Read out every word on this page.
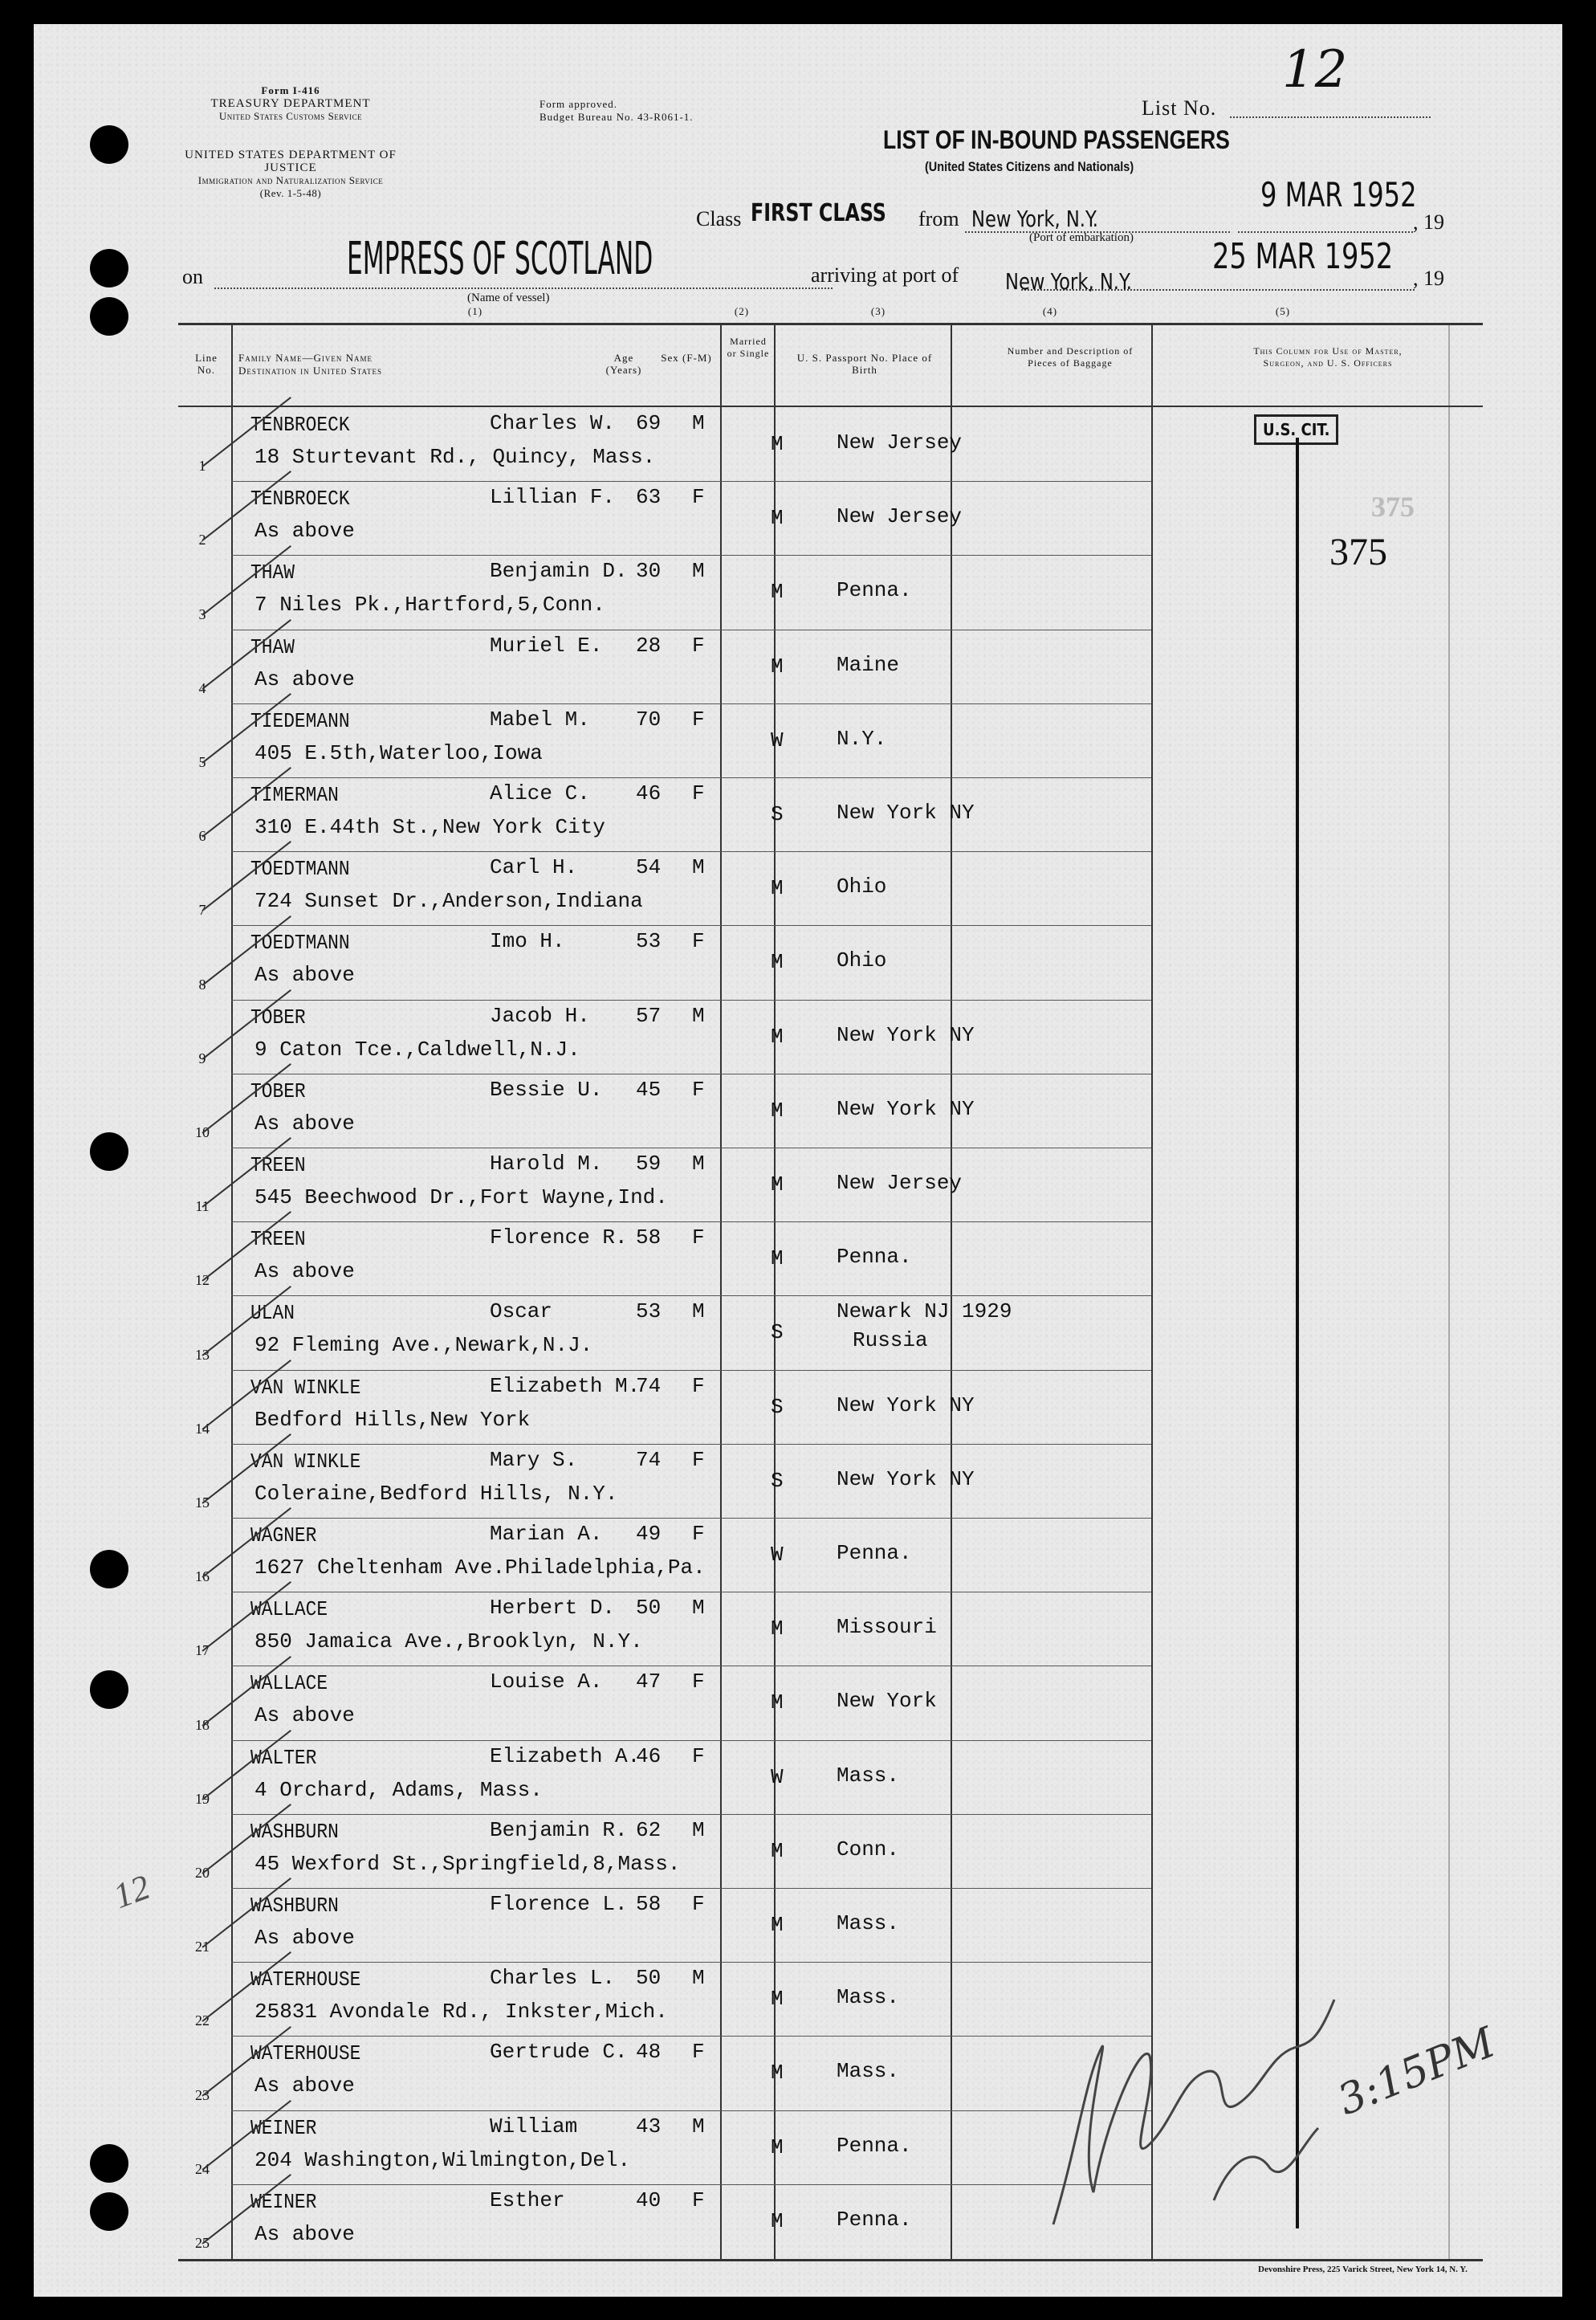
Form I-416
TREASURY DEPARTMENT
United States Customs Service
Form approved.
Budget Bureau No. 43-R061-1.
UNITED STATES DEPARTMENT OF JUSTICE
Immigration and Naturalization Service
(Rev. 1-5-48)
List No.
12
LIST OF IN-BOUND PASSENGERS
(United States Citizens and Nationals)
Class FIRST CLASS from New York, N.Y.
(Port of embarkation)
9 MAR 1952
, 19
on	EMPRESS OF SCOTLAND
(Name of vessel)
arriving at port of New York, N.Y.
25 MAR 1952
, 19
(1)	(2)	(3)	(4)	(5)
Line No.
Family Name—Given Name
Destination in United States
Age (Years)
Sex (F-M)
Married or Single	U. S. Passport No. Place of Birth
Number and Description of Pieces of Baggage
This Column for Use of Master, Surgeon, and U. S. Officers
U.S. CIT.
375
375
1
TENBROECK	Charles W. 69 M
18 Sturtevant Rd., Quincy, Mass.
M	New Jersey
2
TENBROECK	Lillian F. 63 F
As above
M	New Jersey
3
THAW	Benjamin D. 30 M
7 Niles Pk.,Hartford,5,Conn.
M	Penna.
4
THAW	Muriel E. 28 F
As above
M	Maine
5
TIEDEMANN	Mabel M. 70 F
405 E.5th,Waterloo,Iowa
W	N.Y.
6
TIMERMAN	Alice C. 46 F
310 E.44th St.,New York City
S	New York NY
7
TOEDTMANN	Carl H.	54 M
724 Sunset Dr.,Anderson,Indiana
M	Ohio
8
TOEDTMANN	Imo H.	53 F
As above
M	Ohio
9
TOBER	Jacob H. 57 M
9 Caton Tce.,Caldwell,N.J.
M	New York NY
10
TOBER	Bessie U. 45 F
As above
M	New York NY
11
TREEN	Harold M. 59 M
545 Beechwood Dr.,Fort Wayne,Ind.
M	New Jersey
12
TREEN	Florence R. 58 F
As above
M	Penna.
13
ULAN	Oscar	53 M
92 Fleming Ave.,Newark,N.J.
S
Newark NJ 1929
Russia
14
VAN WINKLE	Elizabeth M.
74 F
Bedford Hills,New York
S	New York NY
15
VAN WINKLE	Mary S.	74 F
Coleraine,Bedford Hills, N.Y.
S	New York NY
16
WAGNER	Marian A. 49 F
1627 Cheltenham Ave.Philadelphia,Pa.
W	Penna.
17
WALLACE	Herbert D. 50 M
850 Jamaica Ave.,Brooklyn, N.Y.
M	Missouri
18
WALLACE	Louise A. 47 F
As above
M	New York
19
WALTER	Elizabeth A.
46 F
4 Orchard, Adams, Mass.
W	Mass.
20
WASHBURN	Benjamin R. 62 M
45 Wexford St.,Springfield,8,Mass.
M	Conn.
21
WASHBURN	Florence L. 58 F
As above
M	Mass.
22
WATERHOUSE	Charles L. 50 M
25831 Avondale Rd., Inkster,Mich.
M	Mass.
23
WATERHOUSE	Gertrude C. 48 F
As above
M	Mass.
24
WEINER	William	43 M
204 Washington,Wilmington,Del.
M	Penna.
25
WEINER	Esther	40 F
As above
M	Penna.
12
3:15PM
Devonshire Press, 225 Varick Street, New York 14, N. Y.
